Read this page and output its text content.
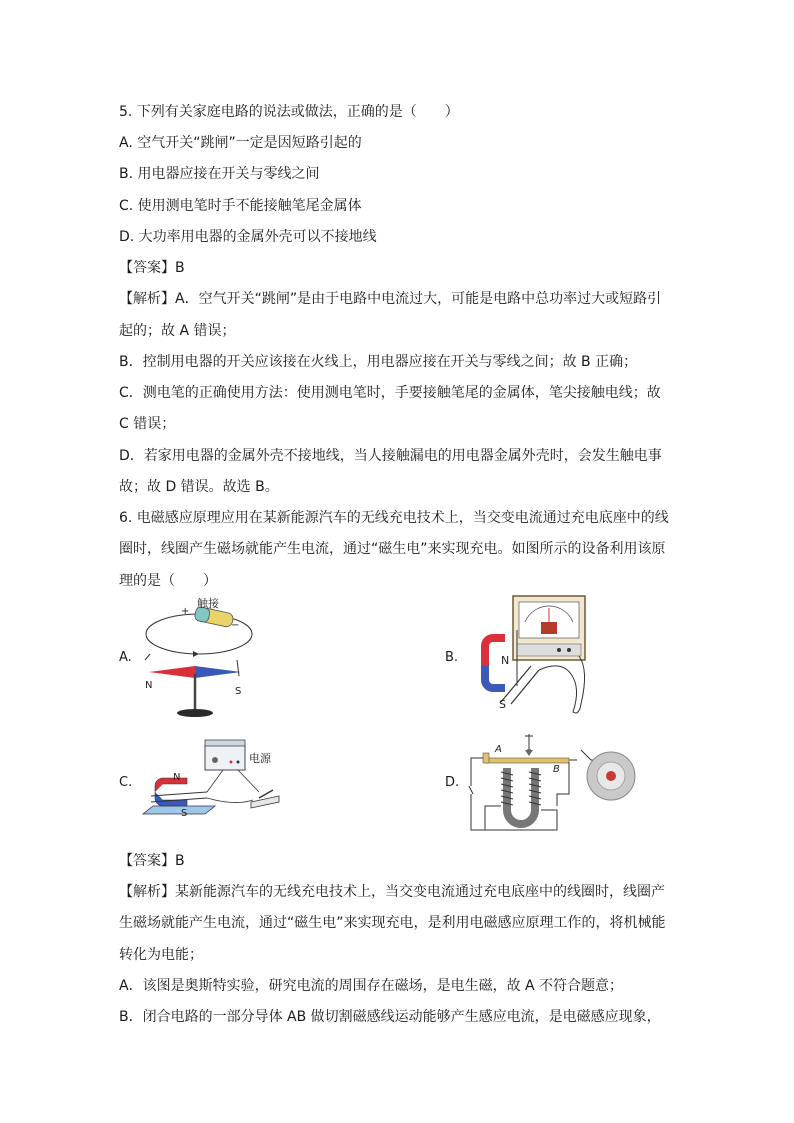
5. 下列有关家庭电路的说法或做法，正确的是（　　）
A. 空气开关“跳闸”一定是因短路引起的
B. 用电器应接在开关与零线之间
C. 使用测电笔时手不能接触笔尾金属体
D. 大功率用电器的金属外壳可以不接地线
【答案】B
【解析】A．空气开关“跳闸”是由于电路中电流过大，可能是电路中总功率过大或短路引
起的；故 A 错误；
B．控制用电器的开关应该接在火线上，用电器应接在开关与零线之间；故 B 正确；
C．测电笔的正确使用方法：使用测电笔时，手要接触笔尾的金属体，笔尖接触电线；故
C 错误；
D．若家用电器的金属外壳不接地线，当人接触漏电的用电器金属外壳时，会发生触电事
故；故 D 错误。故选 B。
6. 电磁感应原理应用在某新能源汽车的无线充电技术上，当交变电流通过充电底座中的线
圈时，线圈产生磁场就能产生电流，通过“磁生电”来实现充电。如图所示的设备利用该原
理的是（　　）
A.
触接
+
−
N
S
B.	N
S
C.
电源
N
S
D.
A
B
【答案】B
【解析】某新能源汽车的无线充电技术上，当交变电流通过充电底座中的线圈时，线圈产
生磁场就能产生电流，通过“磁生电”来实现充电，是利用电磁感应原理工作的，将机械能
转化为电能；
A．该图是奥斯特实验，研究电流的周围存在磁场，是电生磁，故 A 不符合题意；
B．闭合电路的一部分导体 AB 做切割磁感线运动能够产生感应电流，是电磁感应现象，
